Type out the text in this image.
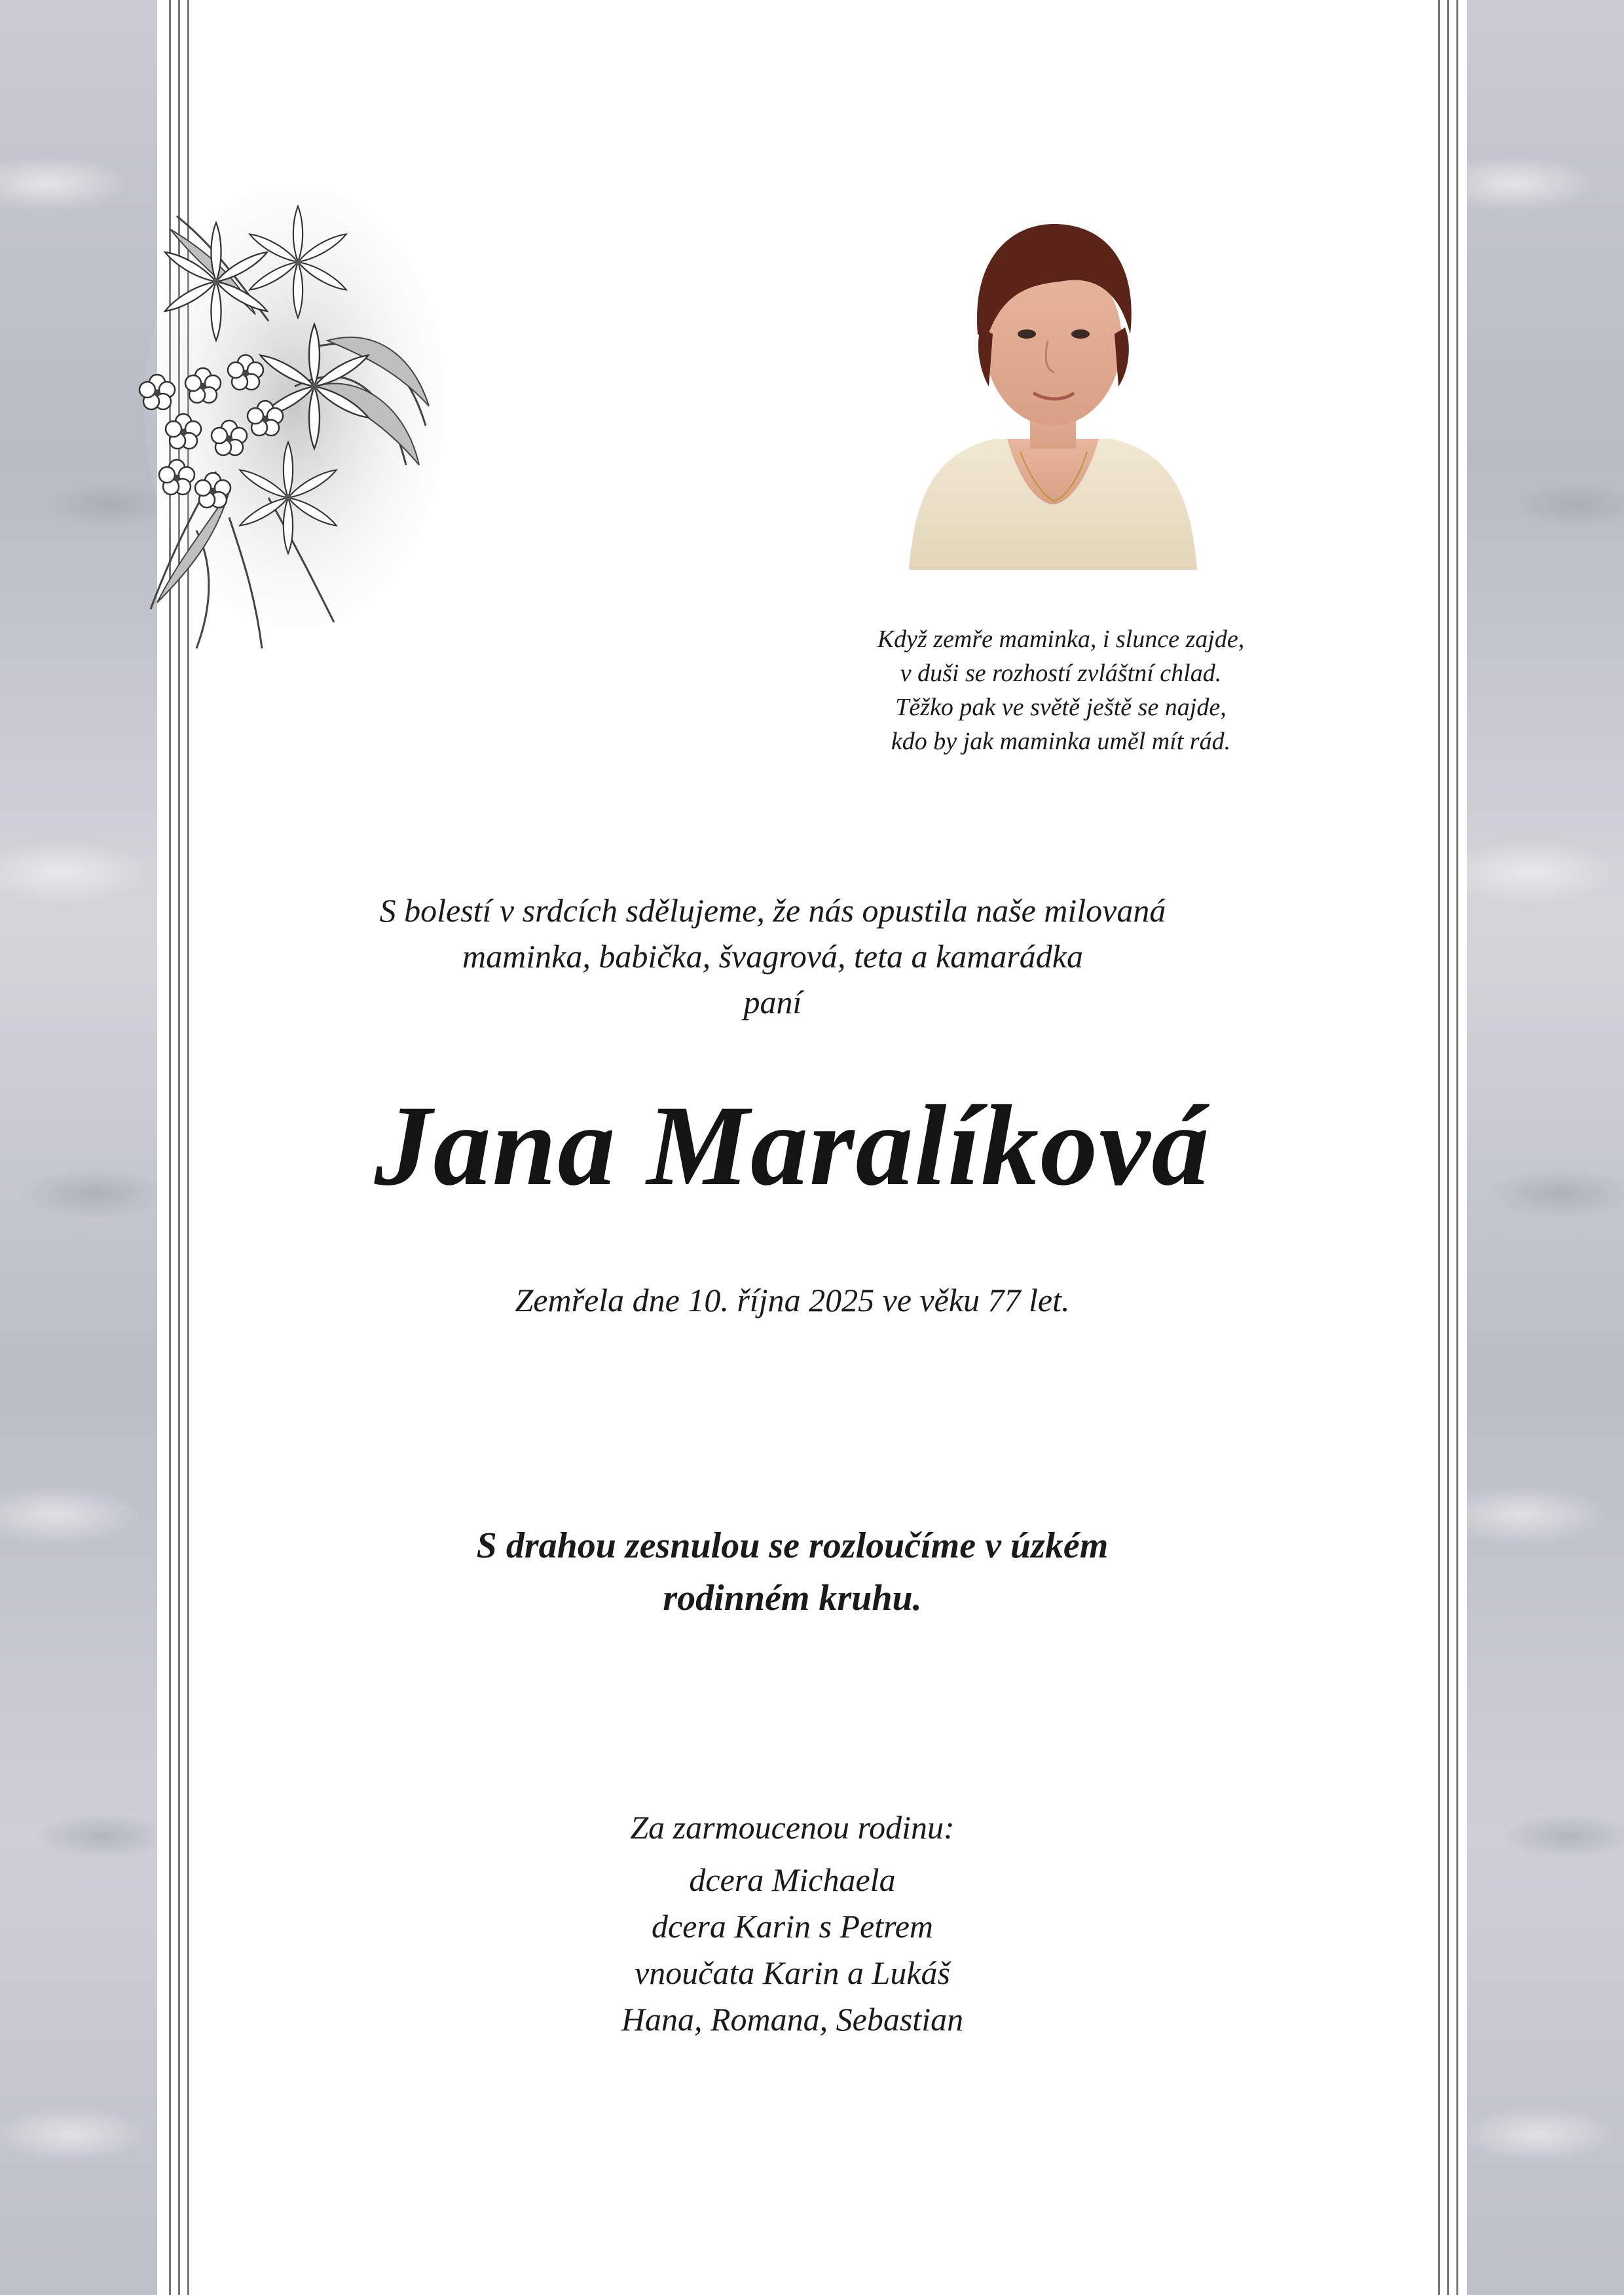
Když zemře maminka, i slunce zajde,
v duši se rozhostí zvláštní chlad.
Těžko pak ve světě ještě se najde,
kdo by jak maminka uměl mít rád.
S bolestí v srdcích sdělujeme, že nás opustila naše milovaná
maminka, babička, švagrová, teta a kamarádka
paní
Jana Maralíková
Zemřela dne 10. října 2025 ve věku 77 let.
S drahou zesnulou se rozloučíme v úzkém
rodinném kruhu.
Za zarmoucenou rodinu:
dcera Michaela
dcera Karin s Petrem
vnoučata Karin a Lukáš
Hana, Romana, Sebastian
